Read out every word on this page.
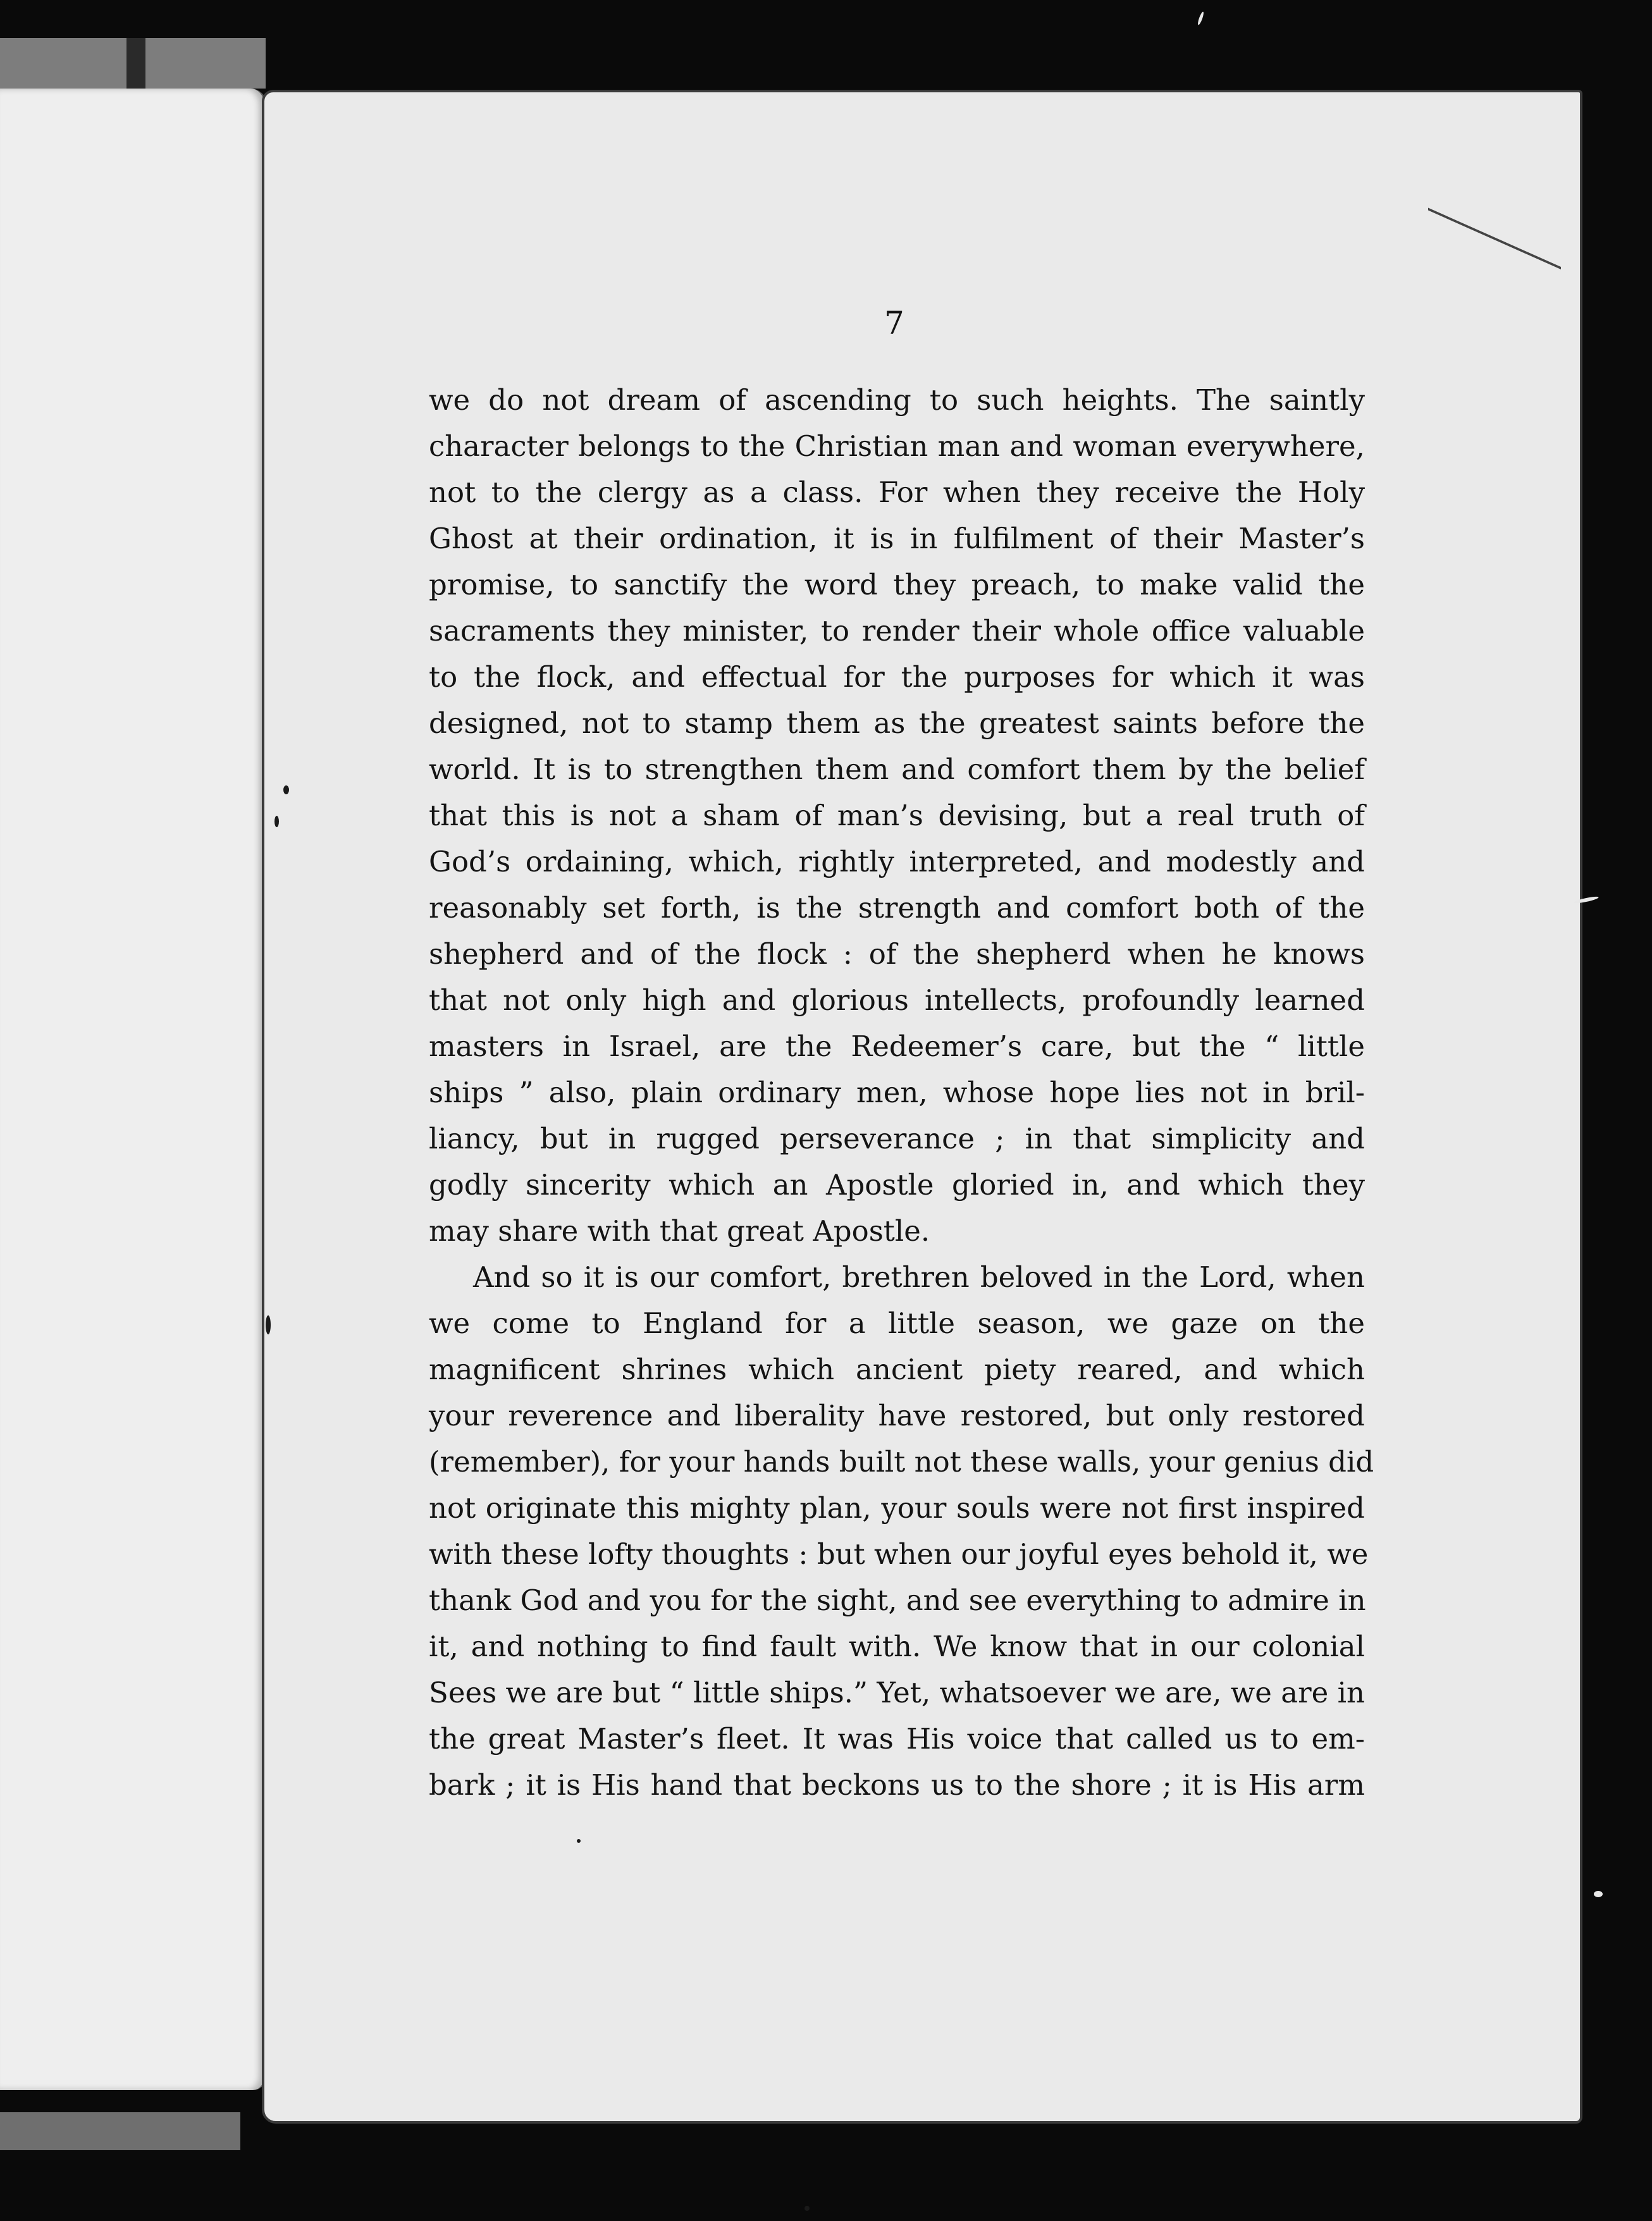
7
we do not dream of ascending to such heights. The saintly
character belongs to the Christian man and woman everywhere,
not to the clergy as a class. For when they receive the Holy
Ghost at their ordination, it is in fulfilment of their Master’s
promise, to sanctify the word they preach, to make valid the
sacraments they minister, to render their whole office valuable
to the flock, and effectual for the purposes for which it was
designed, not to stamp them as the greatest saints before the
world. It is to strengthen them and comfort them by the belief
that this is not a sham of man’s devising, but a real truth of
God’s ordaining, which, rightly interpreted, and modestly and
reasonably set forth, is the strength and comfort both of the
shepherd and of the flock : of the shepherd when he knows
that not only high and glorious intellects, profoundly learned
masters in Israel, are the Redeemer’s care, but the “ little
ships ” also, plain ordinary men, whose hope lies not in bril-
liancy, but in rugged perseverance ; in that simplicity and
godly sincerity which an Apostle gloried in, and which they
may share with that great Apostle.
And so it is our comfort, brethren beloved in the Lord, when
we come to England for a little season, we gaze on the
magnificent shrines which ancient piety reared, and which
your reverence and liberality have restored, but only restored
(remember), for your hands built not these walls, your genius did
not originate this mighty plan, your souls were not first inspired
with these lofty thoughts : but when our joyful eyes behold it, we
thank God and you for the sight, and see everything to admire in
it, and nothing to find fault with. We know that in our colonial
Sees we are but “ little ships.” Yet, whatsoever we are, we are in
the great Master’s fleet. It was His voice that called us to em-
bark ; it is His hand that beckons us to the shore ; it is His arm
